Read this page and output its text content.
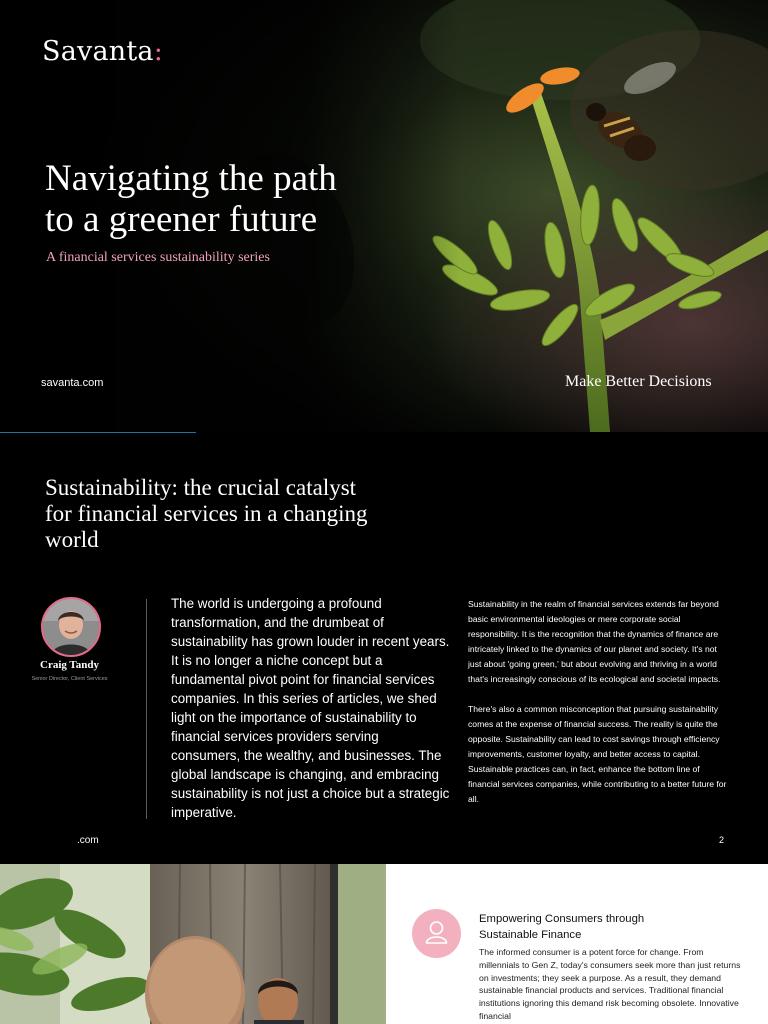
Savanta:

Navigating the path
to a greener future

A financial services sustainability series

savanta.com	Make Better Decisions
Sustainability: the crucial catalyst for financial services in a changing world
Craig Tandy
Senior Director, Client Services

The world is undergoing a profound transformation, and the drumbeat of sustainability has grown louder in recent years. It is no longer a niche concept but a fundamental pivot point for financial services companies. In this series of articles, we shed light on the importance of sustainability to financial services providers serving consumers, the wealthy, and businesses. The global landscape is changing, and embracing sustainability is not just a choice but a strategic imperative.

Sustainability in the realm of financial services extends far beyond basic environmental ideologies or mere corporate social responsibility. It is the recognition that the dynamics of finance are intricately linked to the dynamics of our planet and society. It's not just about 'going green,' but about evolving and thriving in a world that's increasingly conscious of its ecological and societal impacts.

There's also a common misconception that pursuing sustainability comes at the expense of financial success. The reality is quite the opposite. Sustainability can lead to cost savings through efficiency improvements, customer loyalty, and better access to capital. Sustainable practices can, in fact, enhance the bottom line of financial services companies, while contributing to a better future for all.

.com	2
Empowering Consumers through Sustainable Finance

The informed consumer is a potent force for change. From millennials to Gen Z, today's consumers seek more than just returns on investments; they seek a purpose. As a result, they demand sustainable financial products and services. Traditional financial institutions ignoring this demand risk becoming obsolete. Innovative financial
